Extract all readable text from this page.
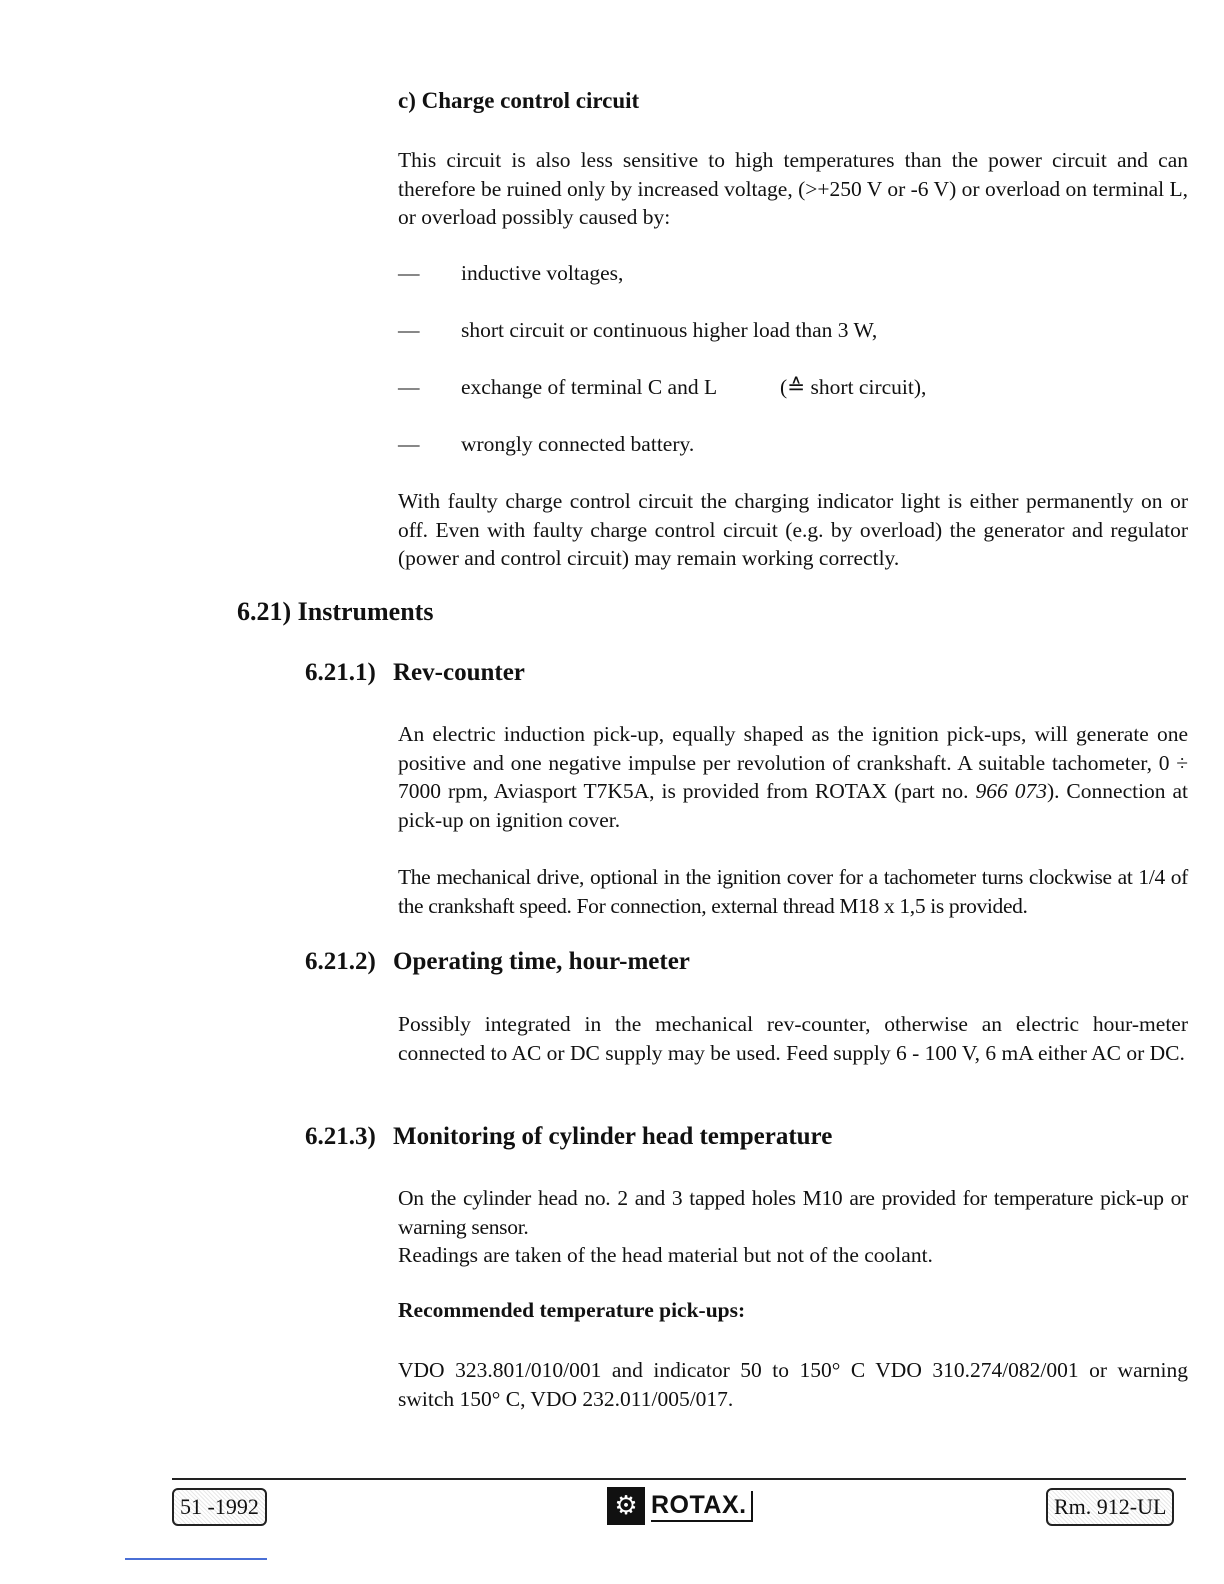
c) Charge control circuit
This circuit is also less sensitive to high temperatures than the power circuit and can therefore be ruined only by increased voltage, (>+250 V or -6 V) or overload on terminal L, or overload possibly caused by:
— inductive voltages,
— short circuit or continuous higher load than 3 W,
— exchange of terminal C and L	(≙ short circuit),
— wrongly connected battery.
With faulty charge control circuit the charging indicator light is either permanently on or off. Even with faulty charge control circuit (e.g. by overload) the generator and regulator (power and control circuit) may remain working correctly.
6.21) Instruments
6.21.1) Rev-counter
An electric induction pick-up, equally shaped as the ignition pick-ups, will generate one positive and one negative impulse per revolution of crankshaft. A suitable tachometer, 0 ÷ 7000 rpm, Aviasport T7K5A, is provided from ROTAX (part no. 966 073). Connection at pick-up on ignition cover.
The mechanical drive, optional in the ignition cover for a tachometer turns clockwise at 1/4 of the crankshaft speed. For connection, external thread M18 x 1,5 is provided.
6.21.2) Operating time, hour-meter
Possibly integrated in the mechanical rev-counter, otherwise an electric hour-meter connected to AC or DC supply may be used. Feed supply 6 - 100 V, 6 mA either AC or DC.
6.21.3) Monitoring of cylinder head temperature
On the cylinder head no. 2 and 3 tapped holes M10 are provided for temperature pick-up or warning sensor.
Readings are taken of the head material but not of the coolant.
Recommended temperature pick-ups:
VDO 323.801/010/001 and indicator 50 to 150° C VDO 310.274/082/001 or warning switch 150° C, VDO 232.011/005/017.
51 -1992	⚙ ROTAX.	Rm. 912-UL
